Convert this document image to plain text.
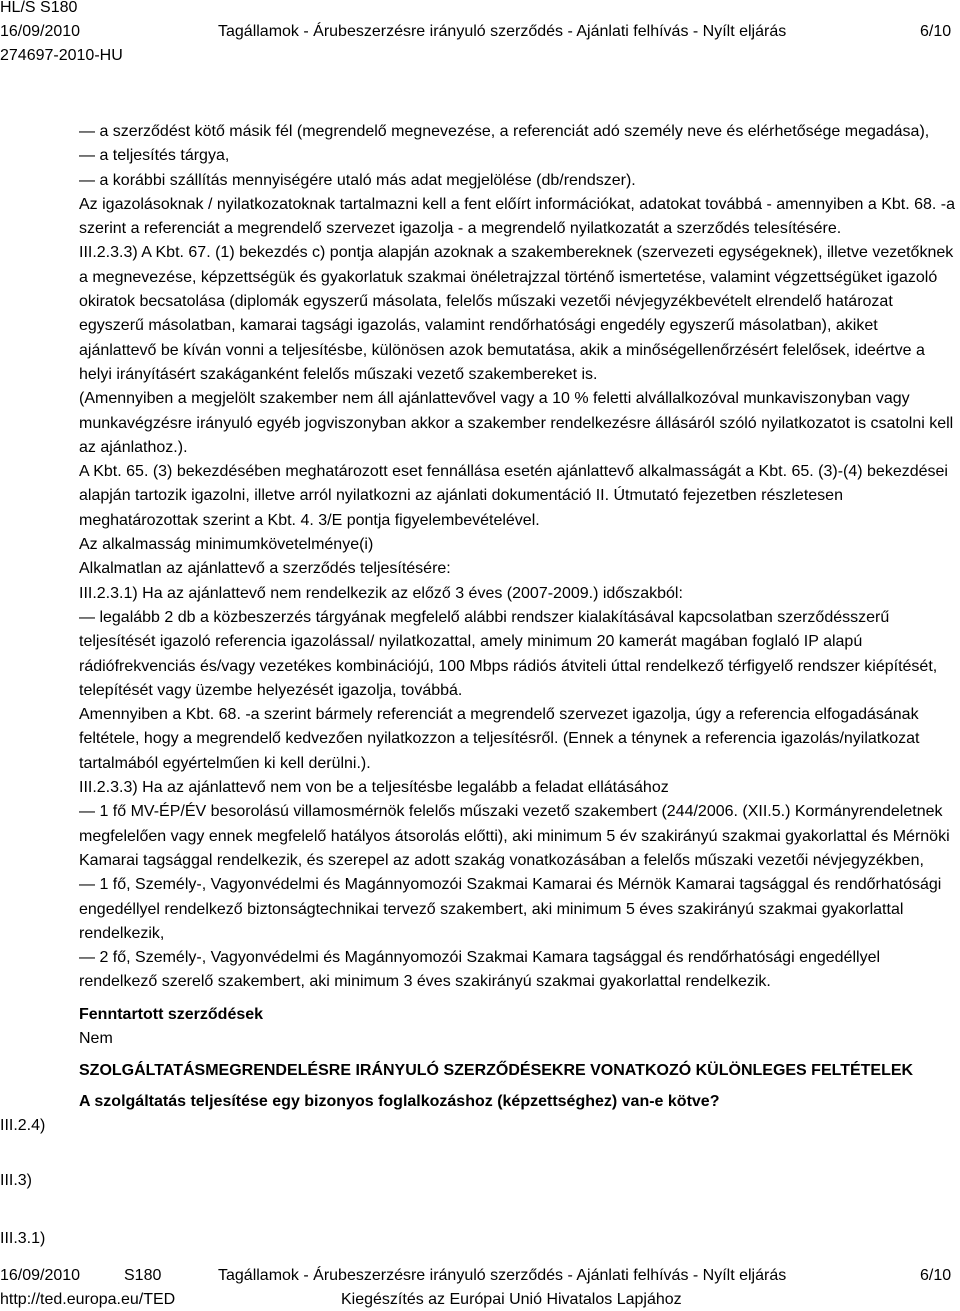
HL/S S180
16/09/2010	Tagállamok - Árubeszerzésre irányuló szerződés - Ajánlati felhívás - Nyílt eljárás	6/10
274697-2010-HU
III.2.4)
III.3)
III.3.1)

— a szerződést kötő másik fél (megrendelő megnevezése, a referenciát adó személy neve és elérhetősége megadása),

— a teljesítés tárgya,

— a korábbi szállítás mennyiségére utaló más adat megjelölése (db/rendszer).

Az igazolásoknak / nyilatkozatoknak tartalmazni kell a fent előírt információkat, adatokat továbbá - amennyiben a Kbt. 68. -a szerint a referenciát a megrendelő szervezet igazolja - a megrendelő nyilatkozatát a szerződés telesítésére.

III.2.3.3) A Kbt. 67. (1) bekezdés c) pontja alapján azoknak a szakembereknek (szervezeti egységeknek), illetve vezetőknek a megnevezése, képzettségük és gyakorlatuk szakmai önéletrajzzal történő ismertetése, valamint végzettségüket igazoló okiratok becsatolása (diplomák egyszerű másolata, felelős műszaki vezetői névjegyzékbevételt elrendelő határozat egyszerű másolatban, kamarai tagsági igazolás, valamint rendőrhatósági engedély egyszerű másolatban), akiket ajánlattevő be kíván vonni a teljesítésbe, különösen azok bemutatása, akik a minőségellenőrzésért felelősek, ideértve a helyi irányításért szakáganként felelős műszaki vezető szakembereket is.

(Amennyiben a megjelölt szakember nem áll ajánlattevővel vagy a 10 % feletti alvállalkozóval munkaviszonyban vagy munkavégzésre irányuló egyéb jogviszonyban akkor a szakember rendelkezésre állásáról szóló nyilatkozatot is csatolni kell az ajánlathoz.).

A Kbt. 65. (3) bekezdésében meghatározott eset fennállása esetén ajánlattevő alkalmasságát a Kbt. 65. (3)-(4) bekezdései alapján tartozik igazolni, illetve arról nyilatkozni az ajánlati dokumentáció II. Útmutató fejezetben részletesen meghatározottak szerint a Kbt. 4. 3/E pontja figyelembevételével.

Az alkalmasság minimumkövetelménye(i)

Alkalmatlan az ajánlattevő a szerződés teljesítésére:

III.2.3.1) Ha az ajánlattevő nem rendelkezik az előző 3 éves (2007-2009.) időszakból:

— legalább 2 db a közbeszerzés tárgyának megfelelő alábbi rendszer kialakításával kapcsolatban szerződésszerű teljesítését igazoló referencia igazolással/ nyilatkozattal, amely minimum 20 kamerát magában foglaló IP alapú rádiófrekvenciás és/vagy vezetékes kombinációjú, 100 Mbps rádiós átviteli úttal rendelkező térfigyelő rendszer kiépítését, telepítését vagy üzembe helyezését igazolja, továbbá.

Amennyiben a Kbt. 68. -a szerint bármely referenciát a megrendelő szervezet igazolja, úgy a referencia elfogadásának feltétele, hogy a megrendelő kedvezően nyilatkozzon a teljesítésről. (Ennek a ténynek a referencia igazolás/nyilatkozat tartalmából egyértelműen ki kell derülni.).

III.2.3.3) Ha az ajánlattevő nem von be a teljesítésbe legalább a feladat ellátásához

— 1 fő MV-ÉP/ÉV besorolású villamosmérnök felelős műszaki vezető szakembert (244/2006. (XII.5.) Kormányrendeletnek megfelelően vagy ennek megfelelő hatályos átsorolás előtti), aki minimum 5 év szakirányú szakmai gyakorlattal és Mérnöki Kamarai tagsággal rendelkezik, és szerepel az adott szakág vonatkozásában a felelős műszaki vezetői névjegyzékben,

— 1 fő, Személy-, Vagyonvédelmi és Magánnyomozói Szakmai Kamarai és Mérnök Kamarai tagsággal és rendőrhatósági engedéllyel rendelkező biztonságtechnikai tervező szakembert, aki minimum 5 éves szakirányú szakmai gyakorlattal rendelkezik,

— 2 fő, Személy-, Vagyonvédelmi és Magánnyomozói Szakmai Kamara tagsággal és rendőrhatósági engedéllyel rendelkező szerelő szakembert, aki minimum 3 éves szakirányú szakmai gyakorlattal rendelkezik.

Fenntartott szerződések

Nem

SZOLGÁLTATÁSMEGRENDELÉSRE IRÁNYULÓ SZERZŐDÉSEKRE VONATKOZÓ KÜLÖNLEGES FELTÉTELEK

A szolgáltatás teljesítése egy bizonyos foglalkozáshoz (képzettséghez) van-e kötve?

16/09/2010	S180	Tagállamok - Árubeszerzésre irányuló szerződés - Ajánlati felhívás - Nyílt eljárás	6/10
http://ted.europa.eu/TED	Kiegészítés az Európai Unió Hivatalos Lapjához
